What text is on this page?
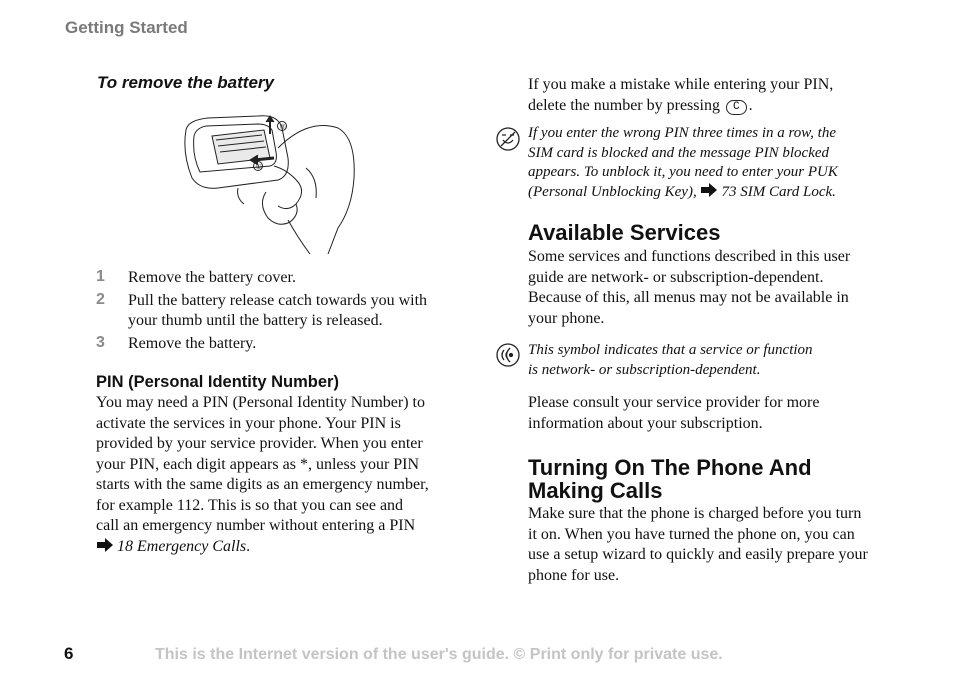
Getting Started
To remove the battery
②
①
1 Remove the battery cover.
2 Pull the battery release catch towards you with
your thumb until the battery is released.
3 Remove the battery.
PIN (Personal Identity Number)
You may need a PIN (Personal Identity Number) to
activate the services in your phone. Your PIN is
provided by your service provider. When you enter
your PIN, each digit appears as *, unless your PIN
starts with the same digits as an emergency number,
for example 112. This is so that you can see and
call an emergency number without entering a PIN
18 Emergency Calls.
If you make a mistake while entering your PIN,
delete the number by pressing C .
If you enter the wrong PIN three times in a row, the
SIM card is blocked and the message PIN blocked
appears. To unblock it, you need to enter your PUK
(Personal Unblocking Key), 73 SIM Card Lock.
Available Services
Some services and functions described in this user
guide are network- or subscription-dependent.
Because of this, all menus may not be available in
your phone.
This symbol indicates that a service or function
is network- or subscription-dependent.
Please consult your service provider for more
information about your subscription.
Turning On The Phone And
Making Calls
Make sure that the phone is charged before you turn
it on. When you have turned the phone on, you can
use a setup wizard to quickly and easily prepare your
phone for use.
6	This is the Internet version of the user's guide. © Print only for private use.
